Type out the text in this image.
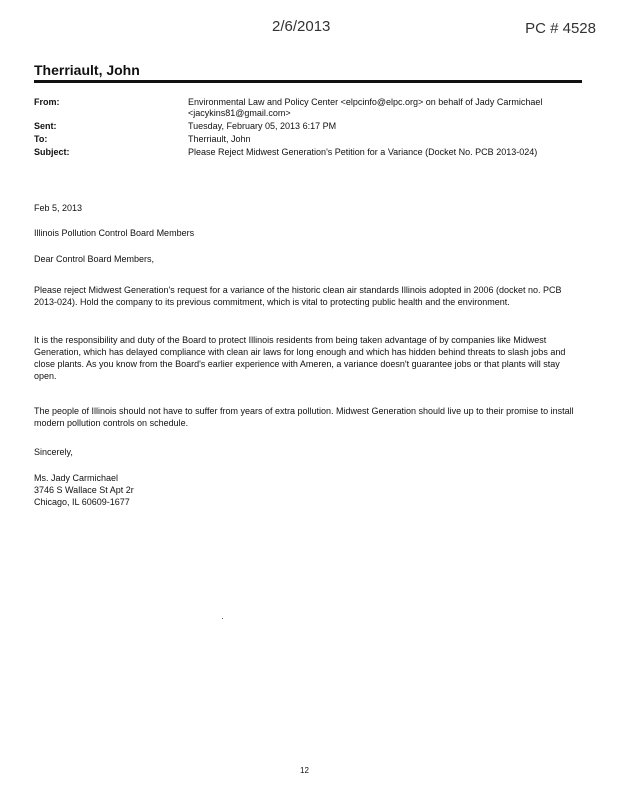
2/6/2013	PC # 4528
Therriault, John
From:	Environmental Law and Policy Center <elpcinfo@elpc.org> on behalf of Jady Carmichael <jacykins81@gmail.com>
Sent:	Tuesday, February 05, 2013 6:17 PM
To:	Therriault, John
Subject:	Please Reject Midwest Generation's Petition for a Variance (Docket No. PCB 2013-024)

Feb 5, 2013

Illinois Pollution Control Board Members

Dear Control Board Members,

Please reject Midwest Generation's request for a variance of the historic clean air standards Illinois adopted in 2006 (docket no. PCB 2013-024). Hold the company to its previous commitment, which is vital to protecting public health and the environment.

It is the responsibility and duty of the Board to protect Illinois residents from being taken advantage of by companies like Midwest Generation, which has delayed compliance with clean air laws for long enough and which has hidden behind threats to slash jobs and close plants. As you know from the Board's earlier experience with Ameren, a variance doesn't guarantee jobs or that plants will stay open.

The people of Illinois should not have to suffer from years of extra pollution. Midwest Generation should live up to their promise to install modern pollution controls on schedule.

Sincerely,

Ms. Jady Carmichael

3746 S Wallace St Apt 2r

Chicago, IL 60609-1677

12
